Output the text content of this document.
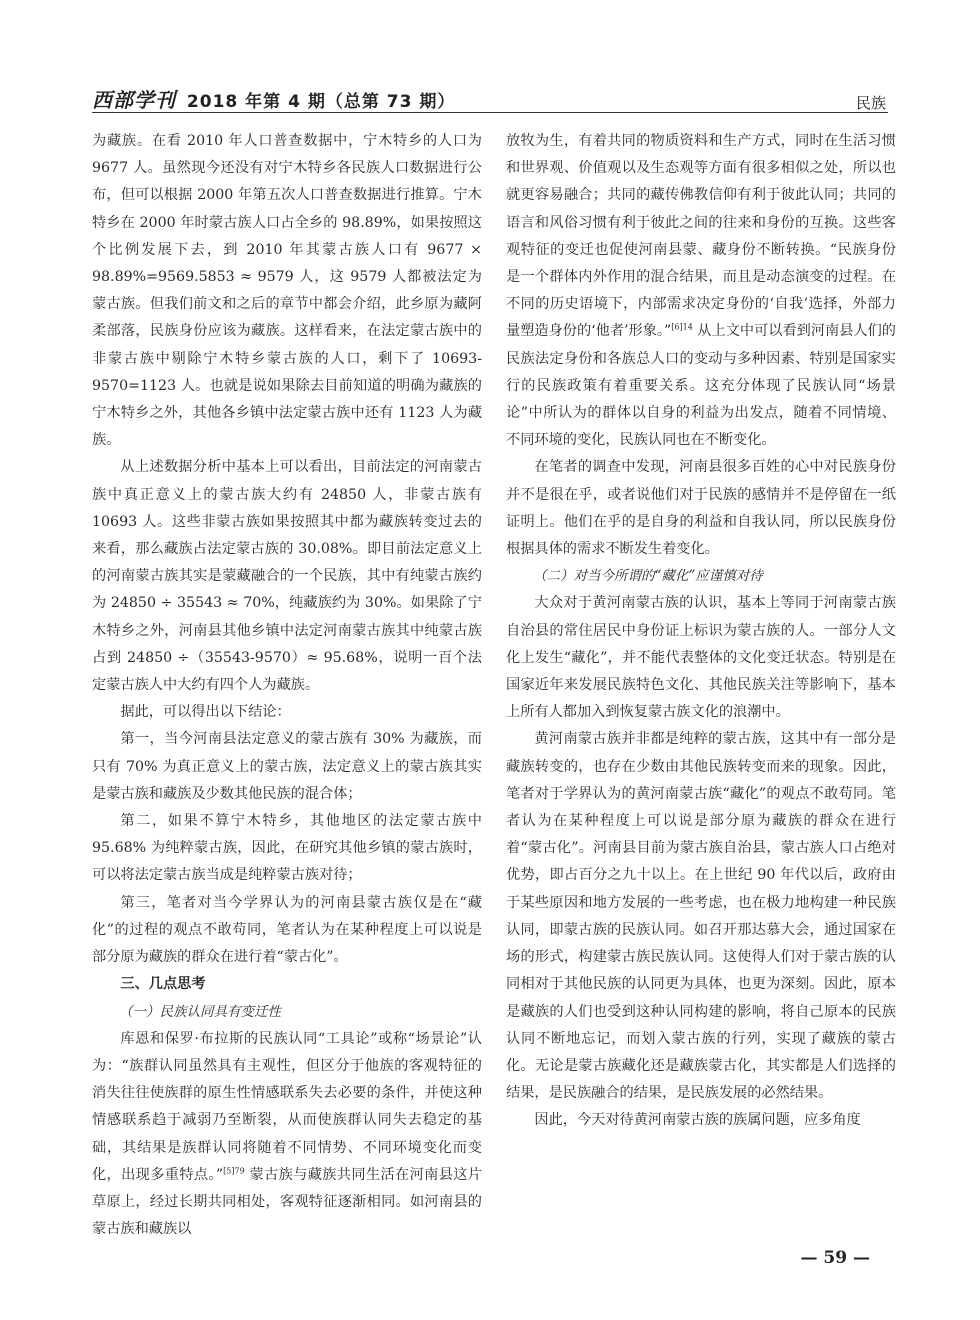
西部学刊 2018 年第 4 期（总第 73 期）	民族

为藏族。在看 2010 年人口普查数据中，宁木特乡的人口为 9677 人。虽然现今还没有对宁木特乡各民族人口数据进行公布，但可以根据 2000 年第五次人口普查数据进行推算。宁木特乡在 2000 年时蒙古族人口占全乡的 98.89%，如果按照这个比例发展下去，到 2010 年其蒙古族人口有 9677 × 98.89%=9569.5853 ≈ 9579 人，这 9579 人都被法定为蒙古族。但我们前文和之后的章节中都会介绍，此乡原为藏阿柔部落，民族身份应该为藏族。这样看来，在法定蒙古族中的非蒙古族中剔除宁木特乡蒙古族的人口，剩下了 10693-9570=1123 人。也就是说如果除去目前知道的明确为藏族的宁木特乡之外，其他各乡镇中法定蒙古族中还有 1123 人为藏族。

从上述数据分析中基本上可以看出，目前法定的河南蒙古族中真正意义上的蒙古族大约有 24850 人，非蒙古族有 10693 人。这些非蒙古族如果按照其中都为藏族转变过去的来看，那么藏族占法定蒙古族的 30.08%。即目前法定意义上的河南蒙古族其实是蒙藏融合的一个民族，其中有纯蒙古族约为 24850 ÷ 35543 ≈ 70%，纯藏族约为 30%。如果除了宁木特乡之外，河南县其他乡镇中法定河南蒙古族其中纯蒙古族占到 24850 ÷（35543-9570）≈ 95.68%，说明一百个法定蒙古族人中大约有四个人为藏族。

据此，可以得出以下结论：

第一，当今河南县法定意义的蒙古族有 30% 为藏族，而只有 70% 为真正意义上的蒙古族，法定意义上的蒙古族其实是蒙古族和藏族及少数其他民族的混合体；

第二，如果不算宁木特乡，其他地区的法定蒙古族中 95.68% 为纯粹蒙古族，因此，在研究其他乡镇的蒙古族时，可以将法定蒙古族当成是纯粹蒙古族对待；

第三，笔者对当今学界认为的河南县蒙古族仅是在“藏化”的过程的观点不敢苟同，笔者认为在某种程度上可以说是部分原为藏族的群众在进行着“蒙古化”。

三、几点思考
（一）民族认同具有变迁性

库恩和保罗·布拉斯的民族认同“工具论”或称“场景论”认为：“族群认同虽然具有主观性，但区分于他族的客观特征的消失往往使族群的原生性情感联系失去必要的条件，并使这种情感联系趋于减弱乃至断裂，从而使族群认同失去稳定的基础，其结果是族群认同将随着不同情势、不同环境变化而变化，出现多重特点。”$^{[5]79}$ 蒙古族与藏族共同生活在河南县这片草原上，经过长期共同相处，客观特征逐渐相同。如河南县的蒙古族和藏族以

放牧为生，有着共同的物质资料和生产方式，同时在生活习惯和世界观、价值观以及生态观等方面有很多相似之处，所以也就更容易融合；共同的藏传佛教信仰有利于彼此认同；共同的语言和风俗习惯有利于彼此之间的往来和身份的互换。这些客观特征的变迁也促使河南县蒙、藏身份不断转换。“民族身份是一个群体内外作用的混合结果，而且是动态演变的过程。在不同的历史语境下，内部需求决定身份的‘自我’选择，外部力量塑造身份的‘他者’形象。”$^{[6]14}$ 从上文中可以看到河南县人们的民族法定身份和各族总人口的变动与多种因素、特别是国家实行的民族政策有着重要关系。这充分体现了民族认同“场景论”中所认为的群体以自身的利益为出发点，随着不同情境、不同环境的变化，民族认同也在不断变化。

在笔者的调查中发现，河南县很多百姓的心中对民族身份并不是很在乎，或者说他们对于民族的感情并不是停留在一纸证明上。他们在乎的是自身的利益和自我认同，所以民族身份根据具体的需求不断发生着变化。

（二）对当今所谓的“藏化”应谨慎对待

大众对于黄河南蒙古族的认识，基本上等同于河南蒙古族自治县的常住居民中身份证上标识为蒙古族的人。一部分人文化上发生“藏化”，并不能代表整体的文化变迁状态。特别是在国家近年来发展民族特色文化、其他民族关注等影响下，基本上所有人都加入到恢复蒙古族文化的浪潮中。

黄河南蒙古族并非都是纯粹的蒙古族，这其中有一部分是藏族转变的，也存在少数由其他民族转变而来的现象。因此，笔者对于学界认为的黄河南蒙古族“藏化”的观点不敢苟同。笔者认为在某种程度上可以说是部分原为藏族的群众在进行着“蒙古化”。河南县目前为蒙古族自治县，蒙古族人口占绝对优势，即占百分之九十以上。在上世纪 90 年代以后，政府由于某些原因和地方发展的一些考虑，也在极力地构建一种民族认同，即蒙古族的民族认同。如召开那达慕大会，通过国家在场的形式，构建蒙古族民族认同。这使得人们对于蒙古族的认同相对于其他民族的认同更为具体，也更为深刻。因此，原本是藏族的人们也受到这种认同构建的影响，将自己原本的民族认同不断地忘记，而划入蒙古族的行列，实现了藏族的蒙古化。无论是蒙古族藏化还是藏族蒙古化，其实都是人们选择的结果，是民族融合的结果，是民族发展的必然结果。

因此，今天对待黄河南蒙古族的族属问题，应多角度

— 59 —
